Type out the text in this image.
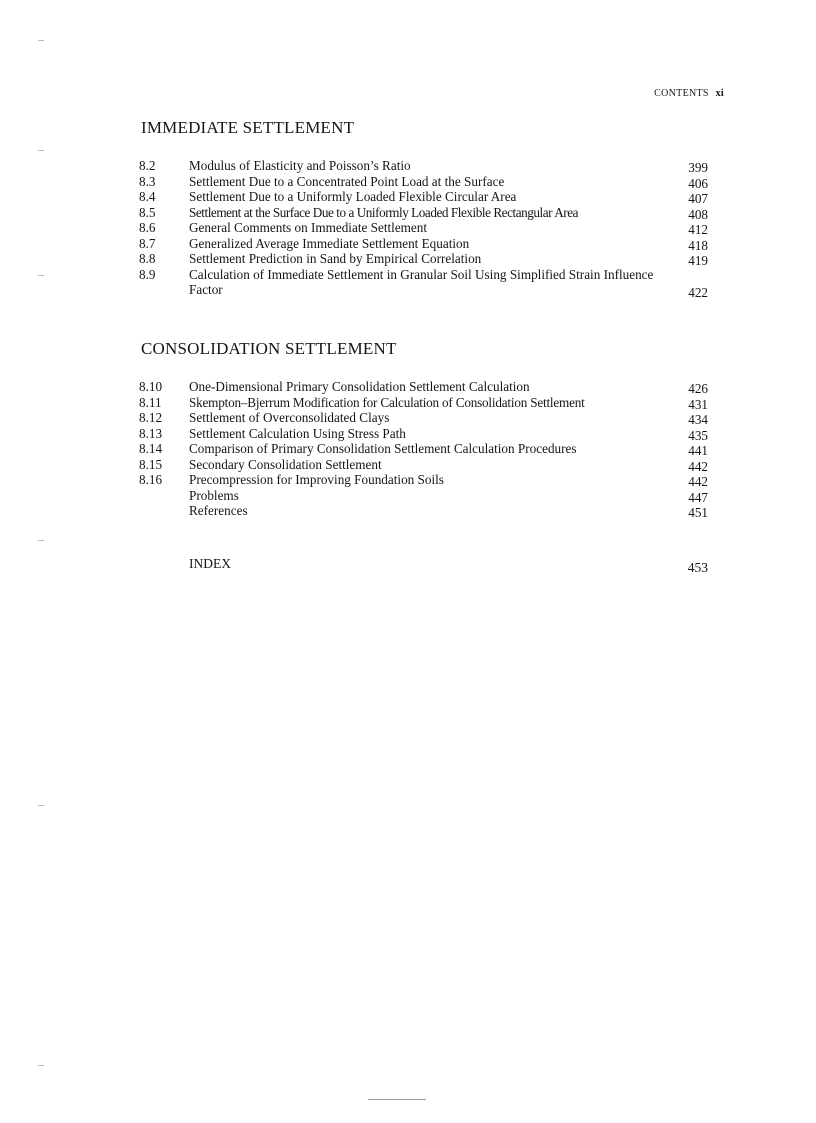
CONTENTS xi
IMMEDIATE SETTLEMENT
8.2	Modulus of Elasticity and Poisson’s Ratio	399
8.3	Settlement Due to a Concentrated Point Load at the Surface	406
8.4	Settlement Due to a Uniformly Loaded Flexible Circular Area	407
8.5	Settlement at the Surface Due to a Uniformly Loaded Flexible Rectangular Area	408
8.6	General Comments on Immediate Settlement	412
8.7	Generalized Average Immediate Settlement Equation	418
8.8	Settlement Prediction in Sand by Empirical Correlation	419
8.9	Calculation of Immediate Settlement in Granular Soil Using Simplified Strain Influence Factor	422
CONSOLIDATION SETTLEMENT
8.10 One-Dimensional Primary Consolidation Settlement Calculation	426
8.11 Skempton–Bjerrum Modification for Calculation of Consolidation Settlement	431
8.12 Settlement of Overconsolidated Clays	434
8.13 Settlement Calculation Using Stress Path	435
8.14 Comparison of Primary Consolidation Settlement Calculation Procedures	441
8.15 Secondary Consolidation Settlement	442
8.16 Precompression for Improving Foundation Soils	442
Problems	447
References	451
INDEX	453
